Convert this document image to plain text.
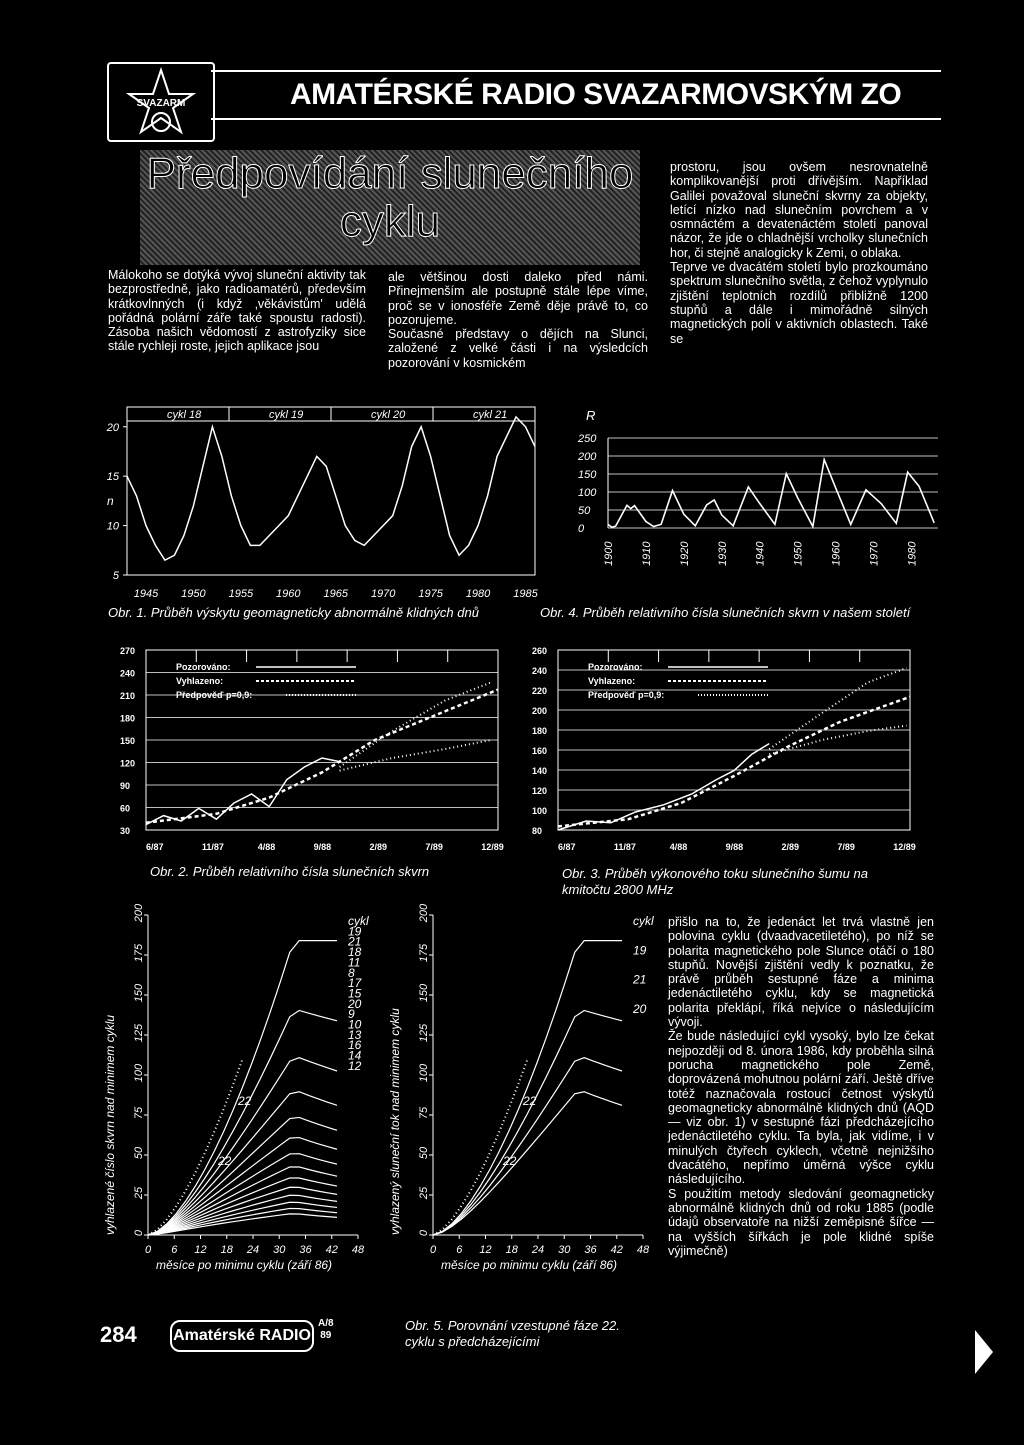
SVAZARM	AMATÉRSKÉ RADIO SVAZARMOVSKÝM ZO
Předpovídání slunečního cyklu
Málokoho se dotýká vývoj sluneční aktivity tak bezprostředně, jako radioamatérů, především krátkovlnných (i když ‚věkávistům' udělá pořádná polární záře také spoustu radosti). Zásoba našich vědomostí z astrofyziky sice stále rychleji roste, jejich aplikace jsou
ale většinou dosti daleko před námi. Přinejmenším ale postupně stále lépe víme, proč se v ionosféře Země děje právě to, co pozorujeme.
Současné představy o dějích na Slunci, založené z velké části i na výsledcích pozorování v kosmickém
prostoru, jsou ovšem nesrovnatelně komplikovanější proti dřívějším. Například Galilei považoval sluneční skvrny za objekty, letící nízko nad slunečním povrchem a v osmnáctém a devatenáctém století panoval názor, že jde o chladnější vrcholky slunečních hor, či stejně analogicky k Zemi, o oblaka.
Teprve ve dvacátém století bylo prozkoumáno spektrum slunečního světla, z čehož vyplynulo zjištění teplotních rozdílů přibližně 1200 stupňů a dále i mimořádně silných magnetických polí v aktivních oblastech. Také se
cykl 18	cykl 19	cykl 20	cykl 21
5
10
15
20
n
1945 1950 1955 1960 1965 1970 1975 1980 1985
Obr. 1. Průběh výskytu geomagneticky abnormálně klidných dnů
R
0
50
100
150
200
250
1900 1910 1920 1930 1940 1950 1960 1970 1980
Obr. 4. Průběh relativního čísla slunečních skvrn v našem století
30
60
90
120
150
180
210
240
270
6/87	11/87	4/88	9/88	2/89	7/89	12/89
Pozorováno:
Vyhlazeno:
Předpověď p=0,9:
Obr. 2. Průběh relativního čísla slunečních skvrn
80
100
120
140
160
180
200
220
240
260
6/87	11/87	4/88	9/88	2/89	7/89	12/89
Pozorováno:
Vyhlazeno:
Předpověď p=0,9:
Obr. 3. Průběh výkonového toku slunečního šumu na kmitočtu 2800 MHz
0
25
50
75
100
125
150
175
200
0 6 12 18 24 30 36 42 48
měsíce po minimu cyklu (září 86)
vyhlazené číslo skvrn nad minimem cyklu
cykl
19
21
18
11
8
17
15
20
9
10
13
16
14
12
22
22
0
25
50
75
100
125
150
175
200
0 6 12 18 24 30 36 42 48
měsíce po minimu cyklu (září 86)
vyhlazený sluneční tok nad minimem cyklu
cykl
19
21
20
22
22
Obr. 5. Porovnání vzestupné fáze 22. cyklu s předcházejícími
přišlo na to, že jedenáct let trvá vlastně jen polovina cyklu (dvaadvacetiletého), po níž se polarita magnetického pole Slunce otáčí o 180 stupňů. Novější zjištění vedly k poznatku, že právě průběh sestupné fáze a minima jedenáctiletého cyklu, kdy se magnetická polarita překlápí, říká nejvíce o následujícím vývoji.
Že bude následující cykl vysoký, bylo lze čekat nejpozději od 8. února 1986, kdy proběhla silná porucha magnetického pole Země, doprovázená mohutnou polární září. Ještě dříve totéž naznačovala rostoucí četnost výskytů geomagneticky abnormálně klidných dnů (AQD — viz obr. 1) v sestupné fázi předcházejícího jedenáctiletého cyklu. Ta byla, jak vidíme, i v minulých čtyřech cyklech, včetně nejnižšího dvacátého, nepřímo úměrná výšce cyklu následujícího.
S použitím metody sledování geomagneticky abnormálně klidných dnů od roku 1885 (podle údajů observatoře na nižší zeměpisné šířce — na vyšších šířkách je pole klidné spíše výjimečně)
284 Amatérské RADIO
A/8
89
